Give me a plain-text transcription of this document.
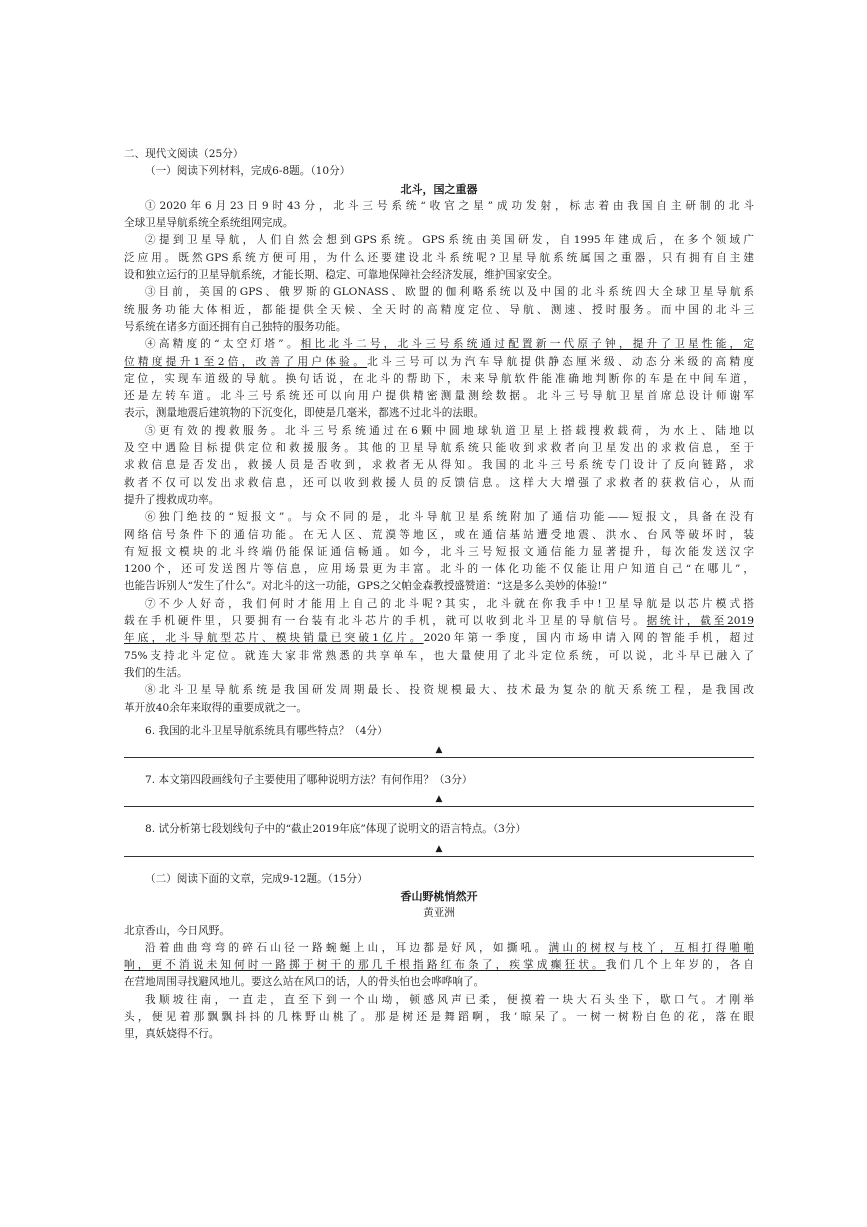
二、现代文阅读（25分）
（一）阅读下列材料，完成6-8题。（10分）
北斗，国之重器
①2020年6月23日9时43分，北斗三号系统“收官之星”成功发射，标志着由我国自主研制的北斗
全球卫星导航系统全系统组网完成。
②提到卫星导航，人们自然会想到GPS系统。GPS系统由美国研发，自1995年建成后，在多个领域广
泛应用。既然GPS系统方便可用，为什么还要建设北斗系统呢?卫星导航系统属国之重器，只有拥有自主建
设和独立运行的卫星导航系统，才能长期、稳定、可靠地保障社会经济发展，维护国家安全。
③目前，美国的GPS、俄罗斯的GLONASS、欧盟的伽利略系统以及中国的北斗系统四大全球卫星导航系
统服务功能大体相近，都能提供全天候、全天时的高精度定位、导航、测速、授时服务。而中国的北斗三
号系统在诸多方面还拥有自己独特的服务功能。
④高精度的“太空灯塔”。相比北斗二号，北斗三号系统通过配置新一代原子钟，提升了卫星性能，定
位精度提升1至2倍，改善了用户体验。北斗三号可以为汽车导航提供静态厘米级、动态分米级的高精度
定位，实现车道级的导航。换句话说，在北斗的帮助下，未来导航软件能准确地判断你的车是在中间车道，
还是左转车道。北斗三号系统还可以向用户提供精密测量测绘数据。北斗三号导航卫星首席总设计师谢军
表示，测量地震后建筑物的下沉变化，即使是几毫米，都逃不过北斗的法眼。
⑤更有效的搜救服务。北斗三号系统通过在6颗中圆地球轨道卫星上搭载搜救载荷，为水上、陆地以
及空中遇险目标提供定位和救援服务。其他的卫星导航系统只能收到求救者向卫星发出的求救信息，至于
求救信息是否发出，救援人员是否收到，求救者无从得知。我国的北斗三号系统专门设计了反向链路，求
救者不仅可以发出求救信息，还可以收到救援人员的反馈信息。这样大大增强了求救者的获救信心，从而
提升了搜救成功率。
⑥独门绝技的“短报文”。与众不同的是，北斗导航卫星系统附加了通信功能——短报文，具备在没有
网络信号条件下的通信功能。在无人区、荒漠等地区，或在通信基站遭受地震、洪水、台风等破坏时，装
有短报文模块的北斗终端仍能保证通信畅通。如今，北斗三号短报文通信能力显著提升，每次能发送汉字
1200个，还可发送图片等信息，应用场景更为丰富。北斗的一体化功能不仅能让用户知道自己“在哪儿”，
也能告诉别人“发生了什么”。对北斗的这一功能，GPS之父帕金森教授盛赞道：“这是多么美妙的体验!”
⑦不少人好奇，我们何时才能用上自己的北斗呢?其实，北斗就在你我手中!卫星导航是以芯片模式搭
载在手机硬件里，只要拥有一台装有北斗芯片的手机，就可以收到北斗卫星的导航信号。据统计，截至2019
年底，北斗导航型芯片、模块销量已突破1亿片。2020年第一季度，国内市场申请入网的智能手机，超过
75%支持北斗定位。就连大家非常熟悉的共享单车，也大量使用了北斗定位系统，可以说，北斗早已融入了
我们的生活。
⑧北斗卫星导航系统是我国研发周期最长、投资规模最大、技术最为复杂的航天系统工程，是我国改
革开放40余年来取得的重要成就之一。
6. 我国的北斗卫星导航系统具有哪些特点？（4分）
▲
7. 本文第四段画线句子主要使用了哪种说明方法？有何作用？（3分）
▲
8. 试分析第七段划线句子中的“截止2019年底”体现了说明文的语言特点。（3分）
▲
（二）阅读下面的文章，完成9-12题。（15分）
香山野桃悄然开
黄亚洲
北京香山，今日风野。
沿着曲曲弯弯的碎石山径一路蜿蜒上山，耳边都是好风，如撕吼。满山的树杈与枝丫，互相打得啪啪
响，更不消说未知何时一路掷于树干的那几千根指路红布条了，疾掌成癫狂状。我们几个上年岁的，各自
在营地周围寻找避风地儿。要这么站在风口的话，人的骨头怕也会哗哗响了。
我顺坡往南，一直走，直至下到一个山坳，顿感风声已柔，便摸着一块大石头坐下，歇口气。才刚举
头，便见着那飘飘抖抖的几株野山桃了。那是树还是舞蹈啊，我’晾呆了。一树一树粉白色的花，落在眼
里，真妖娆得不行。
